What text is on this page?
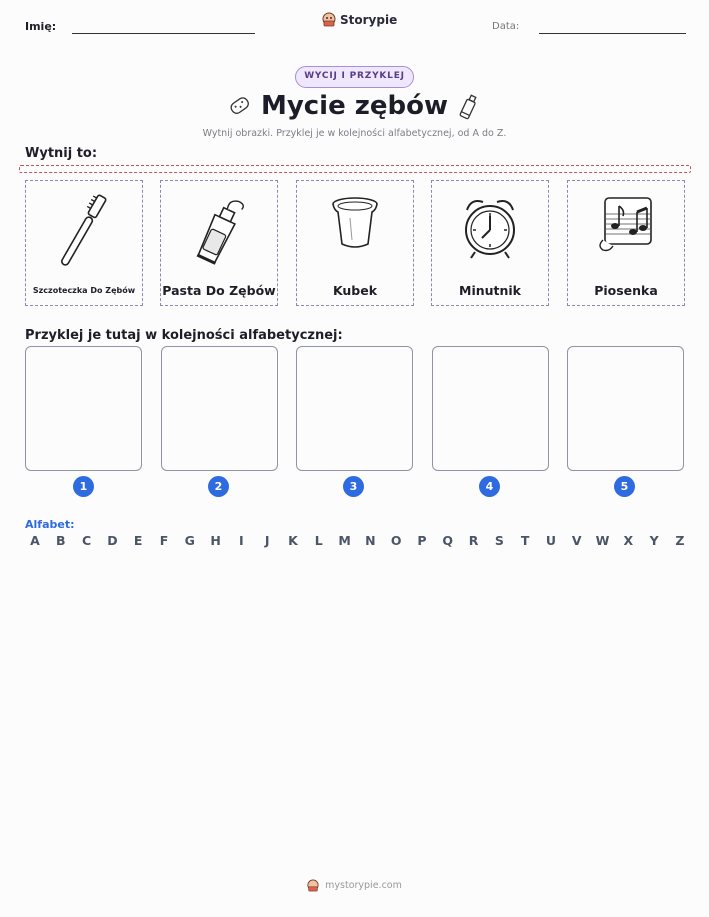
Imię:	Storypie	Data:
WYCIJ I PRZYKLEJ
Mycie zębów
Wytnij obrazki. Przyklej je w kolejności alfabetycznej, od A do Z.
Wytnij to:
Szczoteczka Do Zębów	Pasta Do Zębów	Kubek	Minutnik	Piosenka
Przyklej je tutaj w kolejności alfabetycznej:
1	2	3	4	5
Alfabet:
A	B	C	D	E	F	G	H	I	J	K	L	M	N	O	P	Q	R	S	T	U	V	W	X	Y	Z
mystorypie.com
